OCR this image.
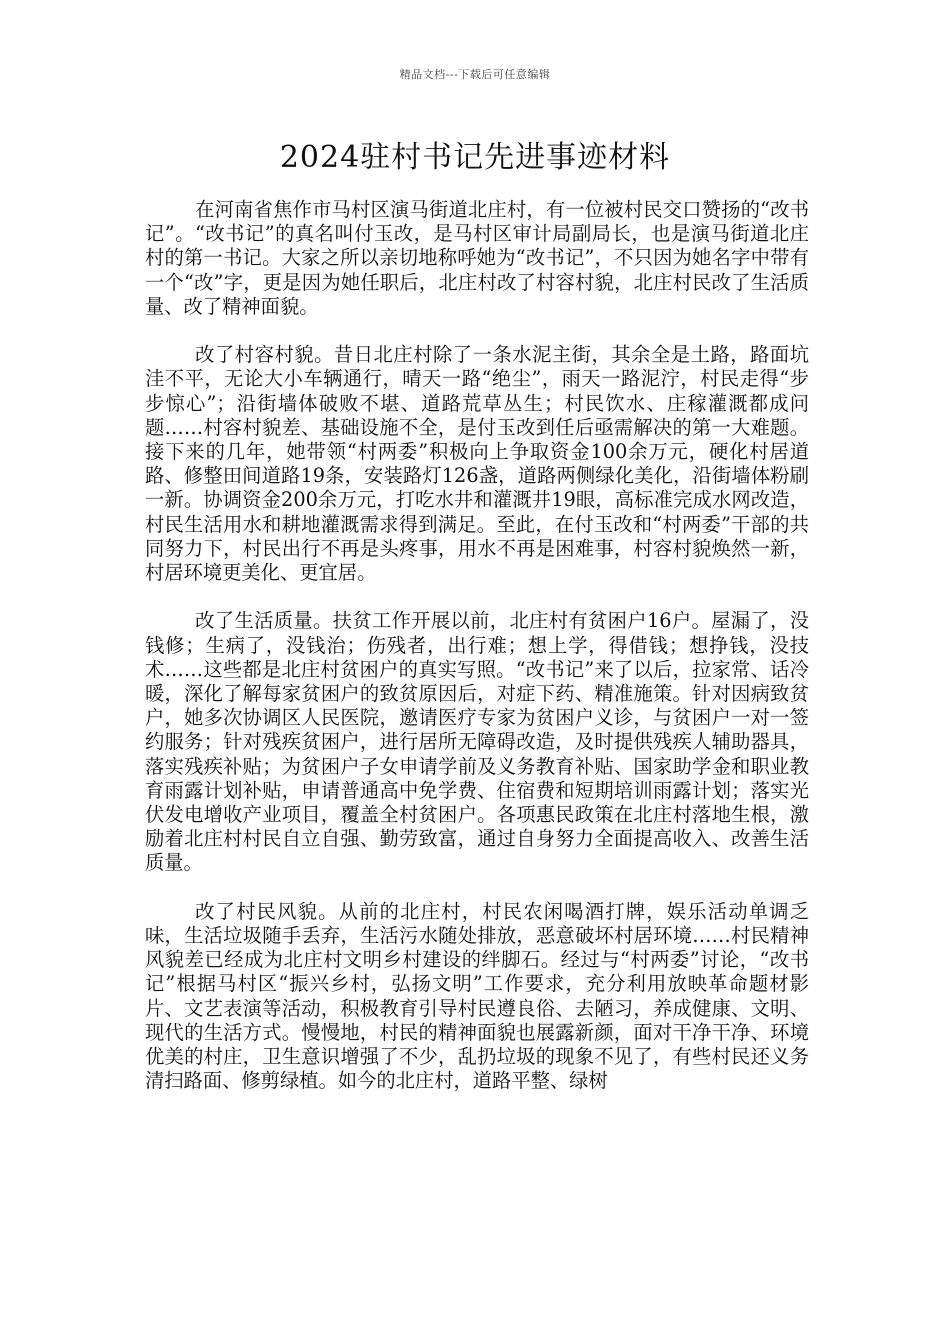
精品文档---下载后可任意编辑
2024驻村书记先进事迹材料

在河南省焦作市马村区演马街道北庄村，有一位被村民交口赞扬的“改书记”。“改书记”的真名叫付玉改，是马村区审计局副局长，也是演马街道北庄村的第一书记。大家之所以亲切地称呼她为“改书记”，不只因为她名字中带有一个“改”字，更是因为她任职后，北庄村改了村容村貌，北庄村民改了生活质量、改了精神面貌。

改了村容村貌。昔日北庄村除了一条水泥主街，其余全是土路，路面坑洼不平，无论大小车辆通行，晴天一路“绝尘”，雨天一路泥泞，村民走得“步步惊心”；沿街墙体破败不堪、道路荒草丛生；村民饮水、庄稼灌溉都成问题……村容村貌差、基础设施不全，是付玉改到任后亟需解决的第一大难题。接下来的几年，她带领“村两委”积极向上争取资金100余万元，硬化村居道路、修整田间道路19条，安装路灯126盏，道路两侧绿化美化，沿街墙体粉刷一新。协调资金200余万元，打吃水井和灌溉井19眼，高标准完成水网改造，村民生活用水和耕地灌溉需求得到满足。至此，在付玉改和“村两委”干部的共同努力下，村民出行不再是头疼事，用水不再是困难事，村容村貌焕然一新，村居环境更美化、更宜居。

改了生活质量。扶贫工作开展以前，北庄村有贫困户16户。屋漏了，没钱修；生病了，没钱治；伤残者，出行难；想上学，得借钱；想挣钱，没技术……这些都是北庄村贫困户的真实写照。“改书记”来了以后，拉家常、话冷暖，深化了解每家贫困户的致贫原因后，对症下药、精准施策。针对因病致贫户，她多次协调区人民医院，邀请医疗专家为贫困户义诊，与贫困户一对一签约服务；针对残疾贫困户，进行居所无障碍改造，及时提供残疾人辅助器具，落实残疾补贴；为贫困户子女申请学前及义务教育补贴、国家助学金和职业教育雨露计划补贴，申请普通高中免学费、住宿费和短期培训雨露计划；落实光伏发电增收产业项目，覆盖全村贫困户。各项惠民政策在北庄村落地生根，激励着北庄村村民自立自强、勤劳致富，通过自身努力全面提高收入、改善生活质量。

改了村民风貌。从前的北庄村，村民农闲喝酒打牌，娱乐活动单调乏味，生活垃圾随手丢弃，生活污水随处排放，恶意破坏村居环境……村民精神风貌差已经成为北庄村文明乡村建设的绊脚石。经过与“村两委”讨论，“改书记”根据马村区“振兴乡村，弘扬文明”工作要求，充分利用放映革命题材影片、文艺表演等活动，积极教育引导村民遵良俗、去陋习，养成健康、文明、现代的生活方式。慢慢地，村民的精神面貌也展露新颜，面对干净干净、环境优美的村庄，卫生意识增强了不少，乱扔垃圾的现象不见了，有些村民还义务清扫路面、修剪绿植。如今的北庄村，道路平整、绿树
